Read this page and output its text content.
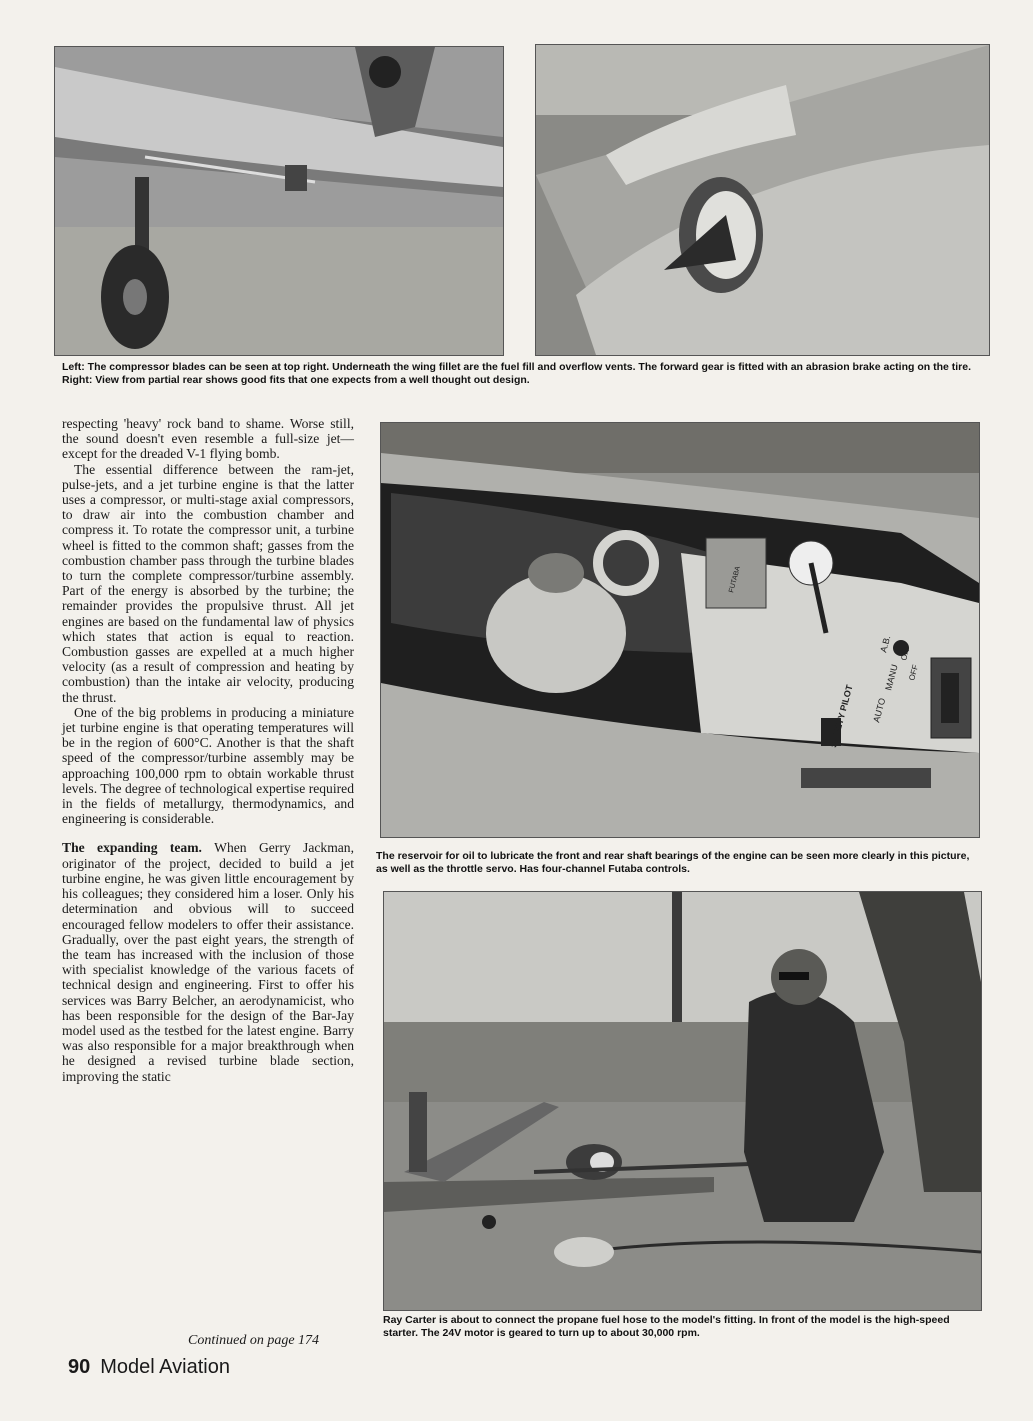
Left: The compressor blades can be seen at top right. Underneath the wing fillet are the fuel fill and overflow vents. The forward gear is fitted with an abrasion brake acting on the tire. Right: View from partial rear shows good fits that one expects from a well thought out design.

SAFETY PILOT AUTO
MANU
A.B.
ON
OFF
FUTABA

The reservoir for oil to lubricate the front and rear shaft bearings of the engine can be seen more clearly in this picture, as well as the throttle servo. Has four-channel Futaba controls.

Ray Carter is about to connect the propane fuel hose to the model's fitting. In front of the model is the high-speed starter. The 24V motor is geared to turn up to about 30,000 rpm.

respecting 'heavy' rock band to shame. Worse still, the sound doesn't even resemble a full-size jet—except for the dreaded V-1 flying bomb.

The essential difference between the ram-jet, pulse-jets, and a jet turbine engine is that the latter uses a compressor, or multi-stage axial compressors, to draw air into the combustion chamber and compress it. To rotate the compressor unit, a turbine wheel is fitted to the common shaft; gasses from the combustion chamber pass through the turbine blades to turn the complete compressor/turbine assembly. Part of the energy is absorbed by the turbine; the remainder provides the propulsive thrust. All jet engines are based on the fundamental law of physics which states that action is equal to reaction. Combustion gasses are expelled at a much higher velocity (as a result of compression and heating by combustion) than the intake air velocity, producing the thrust.

One of the big problems in producing a miniature jet turbine engine is that operating temperatures will be in the region of 600°C. Another is that the shaft speed of the compressor/turbine assembly may be approaching 100,000 rpm to obtain workable thrust levels. The degree of technological expertise required in the fields of metallurgy, thermodynamics, and engineering is considerable.

The expanding team. When Gerry Jackman, originator of the project, decided to build a jet turbine engine, he was given little encouragement by his colleagues; they considered him a loser. Only his determination and obvious will to succeed encouraged fellow modelers to offer their assistance. Gradually, over the past eight years, the strength of the team has increased with the inclusion of those with specialist knowledge of the various facets of technical design and engineering. First to offer his services was Barry Belcher, an aerodynamicist, who has been responsible for the design of the Bar-Jay model used as the testbed for the latest engine. Barry was also responsible for a major breakthrough when he designed a revised turbine blade section, improving the static

Continued on page 174
90 Model Aviation
